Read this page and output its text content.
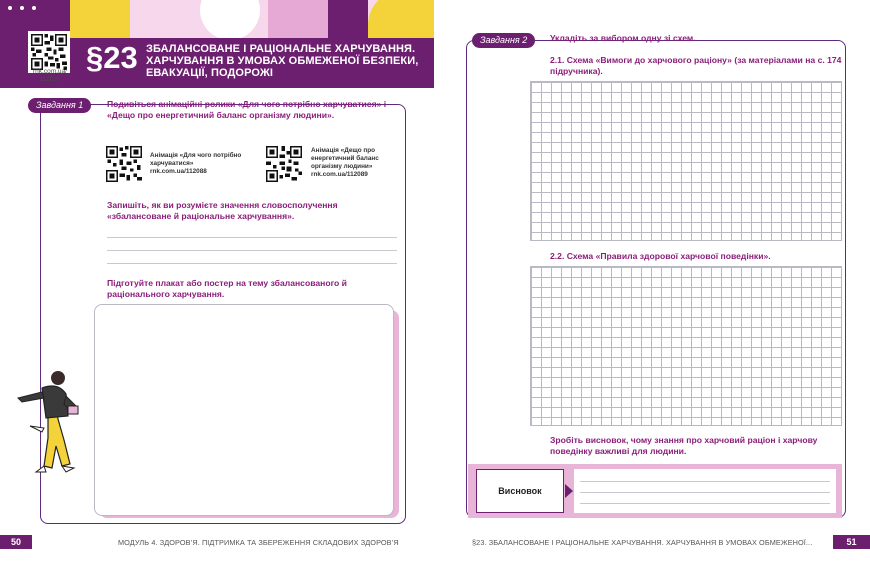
rnk.com.ua/
112020
§23 ЗБАЛАНСОВАНЕ І РАЦІОНАЛЬНЕ ХАРЧУВАННЯ. ХАРЧУВАННЯ В УМОВАХ ОБМЕЖЕНОЇ БЕЗПЕКИ, ЕВАКУАЦІЇ, ПОДОРОЖІ
Завдання 1	Подивіться анімаційні ролики «Для чого потрібно харчуватися» і «Дещо про енергетичний баланс організму людини».
Анімація «Для чого потрібно харчуватися» rnk.com.ua/112088
Анімація «Дещо про енергетичний баланс організму людини» rnk.com.ua/112089
Запишіть, як ви розумієте значення словосполучення «збалансоване й раціональне харчування».
Підготуйте плакат або постер на тему збалансованого й раціонального харчування.
50	МОДУЛЬ 4. ЗДОРОВ’Я. ПІДТРИМКА ТА ЗБЕРЕЖЕННЯ СКЛАДОВИХ ЗДОРОВ’Я
Завдання 2	Укладіть за вибором одну зі схем.
2.1. Схема «Вимоги до харчового раціону» (за матеріалами на с. 174 підручника).
2.2. Схема «Правила здорової харчової поведінки».
Зробіть висновок, чому знання про харчовий раціон і харчову поведінку важливі для людини.
Висновок
§23. ЗБАЛАНСОВАНЕ І РАЦІОНАЛЬНЕ ХАРЧУВАННЯ. ХАРЧУВАННЯ В УМОВАХ ОБМЕЖЕНОЇ...	51
